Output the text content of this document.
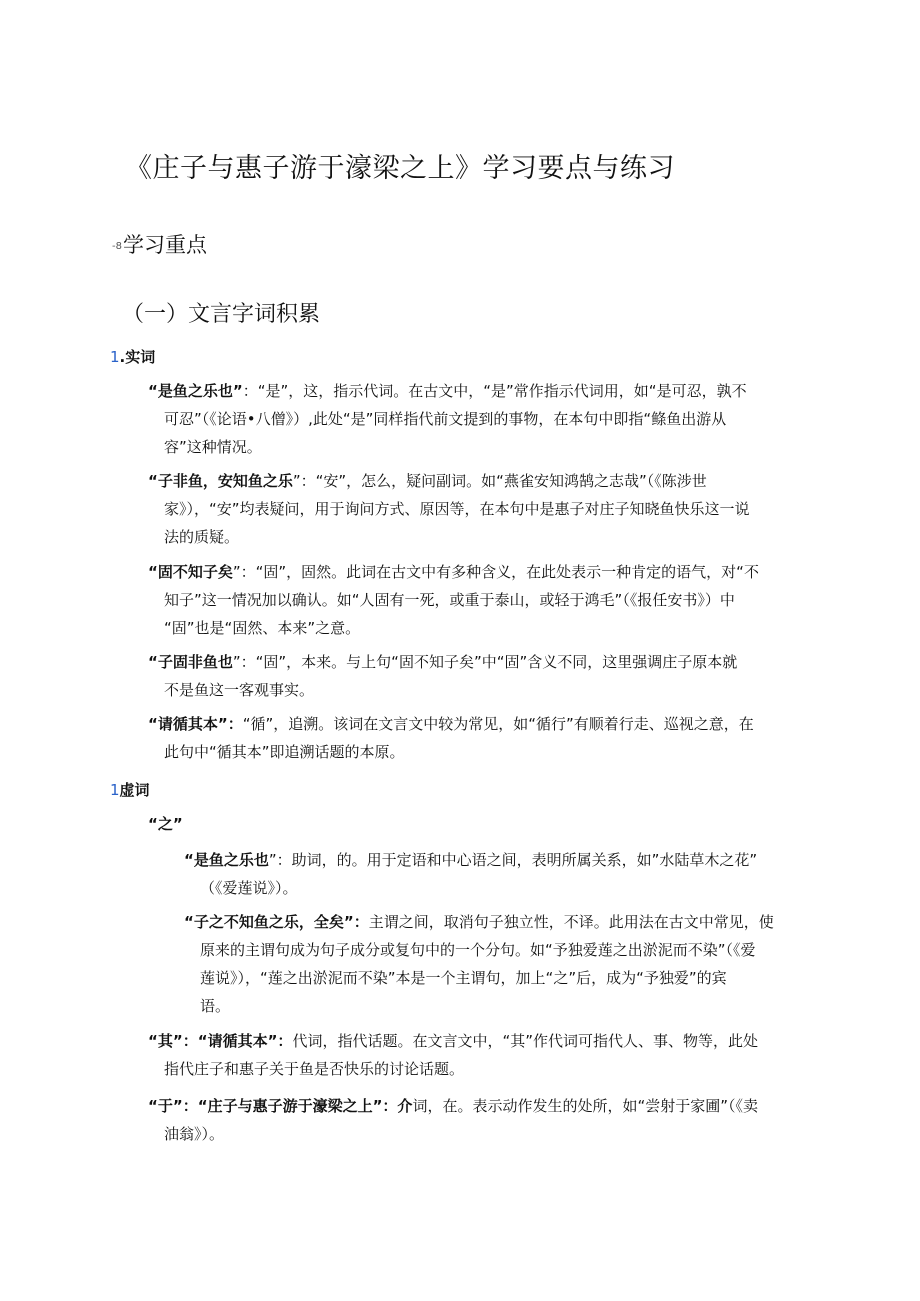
《庄子与惠子游于濠梁之上》学习要点与练习
-8学习重点
（一）文言字词积累
1.实词
“是鱼之乐也”：“是”，这，指示代词。在古文中，“是”常作指示代词用，如“是可忍，孰不
可忍”（《论语•八僧》）,此处“是”同样指代前文提到的事物，在本句中即指“鲦鱼出游从
容”这种情况。
“子非鱼，安知鱼之乐”：“安”，怎么，疑问副词。如“燕雀安知鸿鹄之志哉”（《陈涉世
家》），“安”均表疑问，用于询问方式、原因等，在本句中是惠子对庄子知晓鱼快乐这一说
法的质疑。
“固不知子矣”：“固”，固然。此词在古文中有多种含义，在此处表示一种肯定的语气，对“不
知子”这一情况加以确认。如“人固有一死，或重于泰山，或轻于鸿毛”（《报任安书》）中
“固”也是“固然、本来”之意。
“子固非鱼也”：“固”，本来。与上句“固不知子矣”中“固”含义不同，这里强调庄子原本就
不是鱼这一客观事实。
“请循其本”：“循”，追溯。该词在文言文中较为常见，如“循行”有顺着行走、巡视之意，在
此句中“循其本”即追溯话题的本原。
1虚词
“之”
“是鱼之乐也”：助词，的。用于定语和中心语之间，表明所属关系，如”水陆草木之花”
（《爱莲说》）。
“子之不知鱼之乐，全矣”：主谓之间，取消句子独立性，不译。此用法在古文中常见，使
原来的主谓句成为句子成分或复句中的一个分句。如“予独爱莲之出淤泥而不染”（《爱
莲说》），“莲之出淤泥而不染”本是一个主谓句，加上“之”后，成为“予独爱”的宾
语。
“其”：“请循其本”：代词，指代话题。在文言文中，“其”作代词可指代人、事、物等，此处
指代庄子和惠子关于鱼是否快乐的讨论话题。
“于”：“庄子与惠子游于濠梁之上”：介词，在。表示动作发生的处所，如“尝射于家圃”（《卖
油翁》）。
